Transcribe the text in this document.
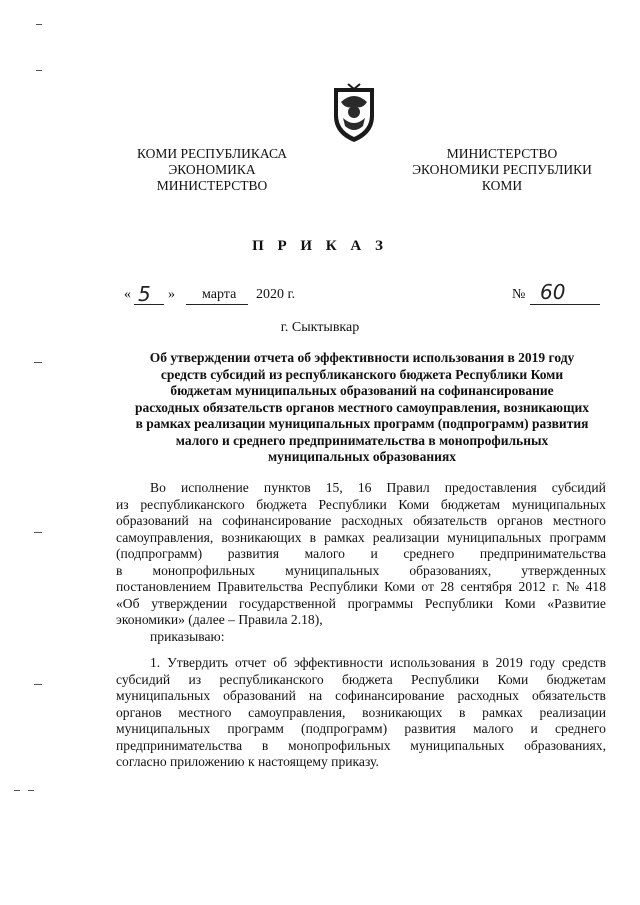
КОМИ РЕСПУБЛИКАСА
ЭКОНОМИКА
МИНИСТЕРСТВО
МИНИСТЕРСТВО
ЭКОНОМИКИ РЕСПУБЛИКИ
КОМИ
П Р И К А З
« 5 » марта 2020 г.	№ 60
г. Сыктывкар
Об утверждении отчета об эффективности использования в 2019 году
средств субсидий из республиканского бюджета Республики Коми
бюджетам муниципальных образований на софинансирование
расходных обязательств органов местного самоуправления, возникающих
в рамках реализации муниципальных программ (подпрограмм) развития
малого и среднего предпринимательства в монопрофильных
муниципальных образованиях
Во исполнение пунктов 15, 16 Правил предоставления субсидий
из республиканского бюджета Республики Коми бюджетам муниципальных
образований на софинансирование расходных обязательств органов местного
самоуправления, возникающих в рамках реализации муниципальных программ
(подпрограмм) развития малого и среднего предпринимательства
в монопрофильных муниципальных образованиях, утвержденных
постановлением Правительства Республики Коми от 28 сентября 2012 г. № 418
«Об утверждении государственной программы Республики Коми «Развитие
экономики» (далее – Правила 2.18),
приказываю:
1. Утвердить отчет об эффективности использования в 2019 году средств
субсидий из республиканского бюджета Республики Коми бюджетам
муниципальных образований на софинансирование расходных обязательств
органов местного самоуправления, возникающих в рамках реализации
муниципальных программ (подпрограмм) развития малого и среднего
предпринимательства в монопрофильных муниципальных образованиях,
согласно приложению к настоящему приказу.
